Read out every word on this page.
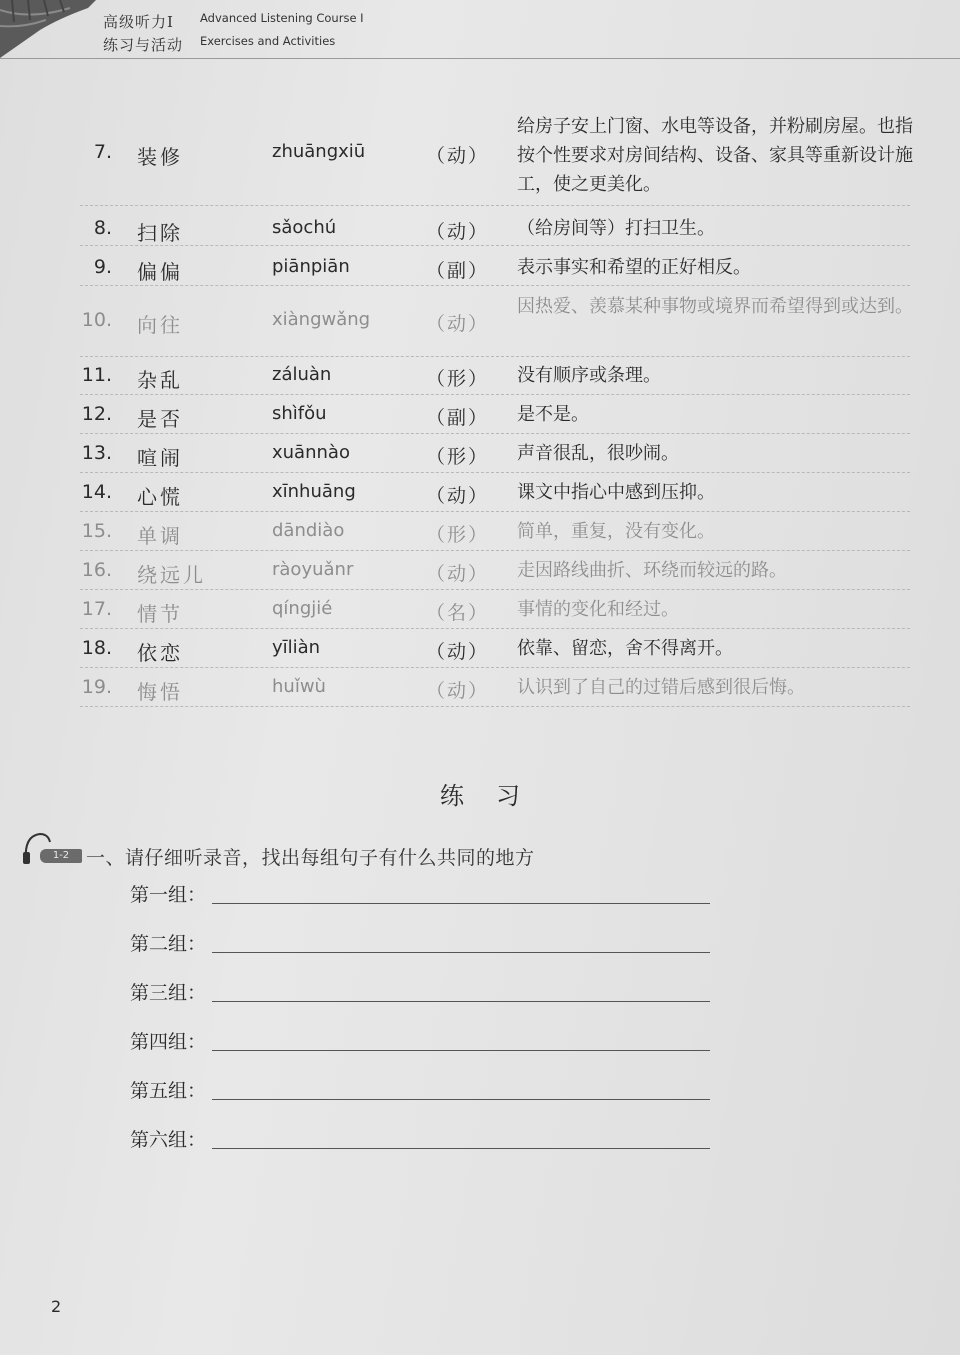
高级听力Ⅰ Advanced Listening Course Ⅰ
练习与活动 Exercises and Activities
7. 装修	zhuāngxiū	（动）
给房子安上门窗、水电等设备，并粉刷房屋。也指按个性要求对房间结构、设备、家具等重新设计施工，使之更美化。
8. 扫除	sǎochú	（动） （给房间等）打扫卫生。
9. 偏偏	piānpiān	（副） 表示事实和希望的正好相反。
10. 向往	xiàngwǎng	（动）
因热爱、羡慕某种事物或境界而希望得到或达到。
11. 杂乱	záluàn	（形） 没有顺序或条理。
12. 是否	shìfǒu	（副） 是不是。
13. 喧闹	xuānnào	（形） 声音很乱，很吵闹。
14. 心慌	xīnhuāng	（动） 课文中指心中感到压抑。
15. 单调	dāndiào	（形） 简单，重复，没有变化。
16. 绕远儿	ràoyuǎnr	（动） 走因路线曲折、环绕而较远的路。
17. 情节	qíngjié	（名） 事情的变化和经过。
18. 依恋	yīliàn	（动） 依靠、留恋，舍不得离开。
19. 悔悟	huǐwù	（动） 认识到了自己的过错后感到很后悔。
练习
1-2 一、请仔细听录音，找出每组句子有什么共同的地方
第一组：
第二组：
第三组：
第四组：
第五组：
第六组：
2
